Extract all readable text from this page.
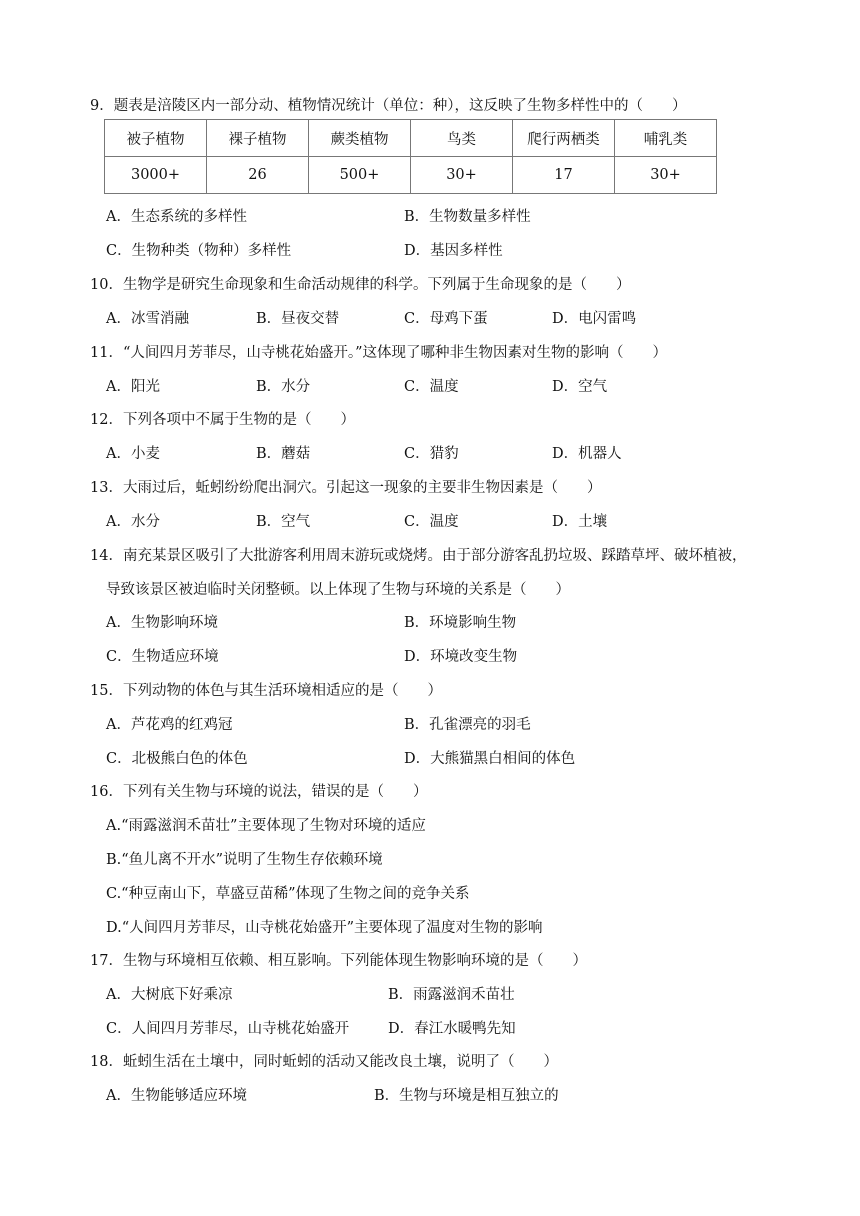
9．题表是涪陵区内一部分动、植物情况统计（单位：种），这反映了生物多样性中的（　　）
被子植物	裸子植物	蕨类植物	鸟类	爬行两栖类	哺乳类
3000+	26	500+	30+	17	30+
A．生态系统的多样性	B．生物数量多样性
C．生物种类（物种）多样性	D．基因多样性
10．生物学是研究生命现象和生命活动规律的科学。下列属于生命现象的是（　　）
A．冰雪消融	B．昼夜交替	C．母鸡下蛋	D．电闪雷鸣
11．“人间四月芳菲尽，山寺桃花始盛开。”这体现了哪种非生物因素对生物的影响（　　）
A．阳光	B．水分	C．温度	D．空气
12．下列各项中不属于生物的是（　　）
A．小麦	B．蘑菇	C．猎豹	D．机器人
13．大雨过后，蚯蚓纷纷爬出洞穴。引起这一现象的主要非生物因素是（　　）
A．水分	B．空气	C．温度	D．土壤
14．南充某景区吸引了大批游客利用周末游玩或烧烤。由于部分游客乱扔垃圾、踩踏草坪、破坏植被，
导致该景区被迫临时关闭整顿。以上体现了生物与环境的关系是（　　）
A．生物影响环境	B．环境影响生物
C．生物适应环境	D．环境改变生物
15．下列动物的体色与其生活环境相适应的是（　　）
A．芦花鸡的红鸡冠	B．孔雀漂亮的羽毛
C．北极熊白色的体色	D．大熊猫黑白相间的体色
16．下列有关生物与环境的说法，错误的是（　　）
A.“雨露滋润禾苗壮”主要体现了生物对环境的适应
B.“鱼儿离不开水”说明了生物生存依赖环境
C.“种豆南山下，草盛豆苗稀”体现了生物之间的竞争关系
D.“人间四月芳菲尽，山寺桃花始盛开”主要体现了温度对生物的影响
17．生物与环境相互依赖、相互影响。下列能体现生物影响环境的是（　　）
A．大树底下好乘凉	B．雨露滋润禾苗壮
C．人间四月芳菲尽，山寺桃花始盛开	D．春江水暖鸭先知
18．蚯蚓生活在土壤中，同时蚯蚓的活动又能改良土壤，说明了（　　）
A．生物能够适应环境	B．生物与环境是相互独立的
